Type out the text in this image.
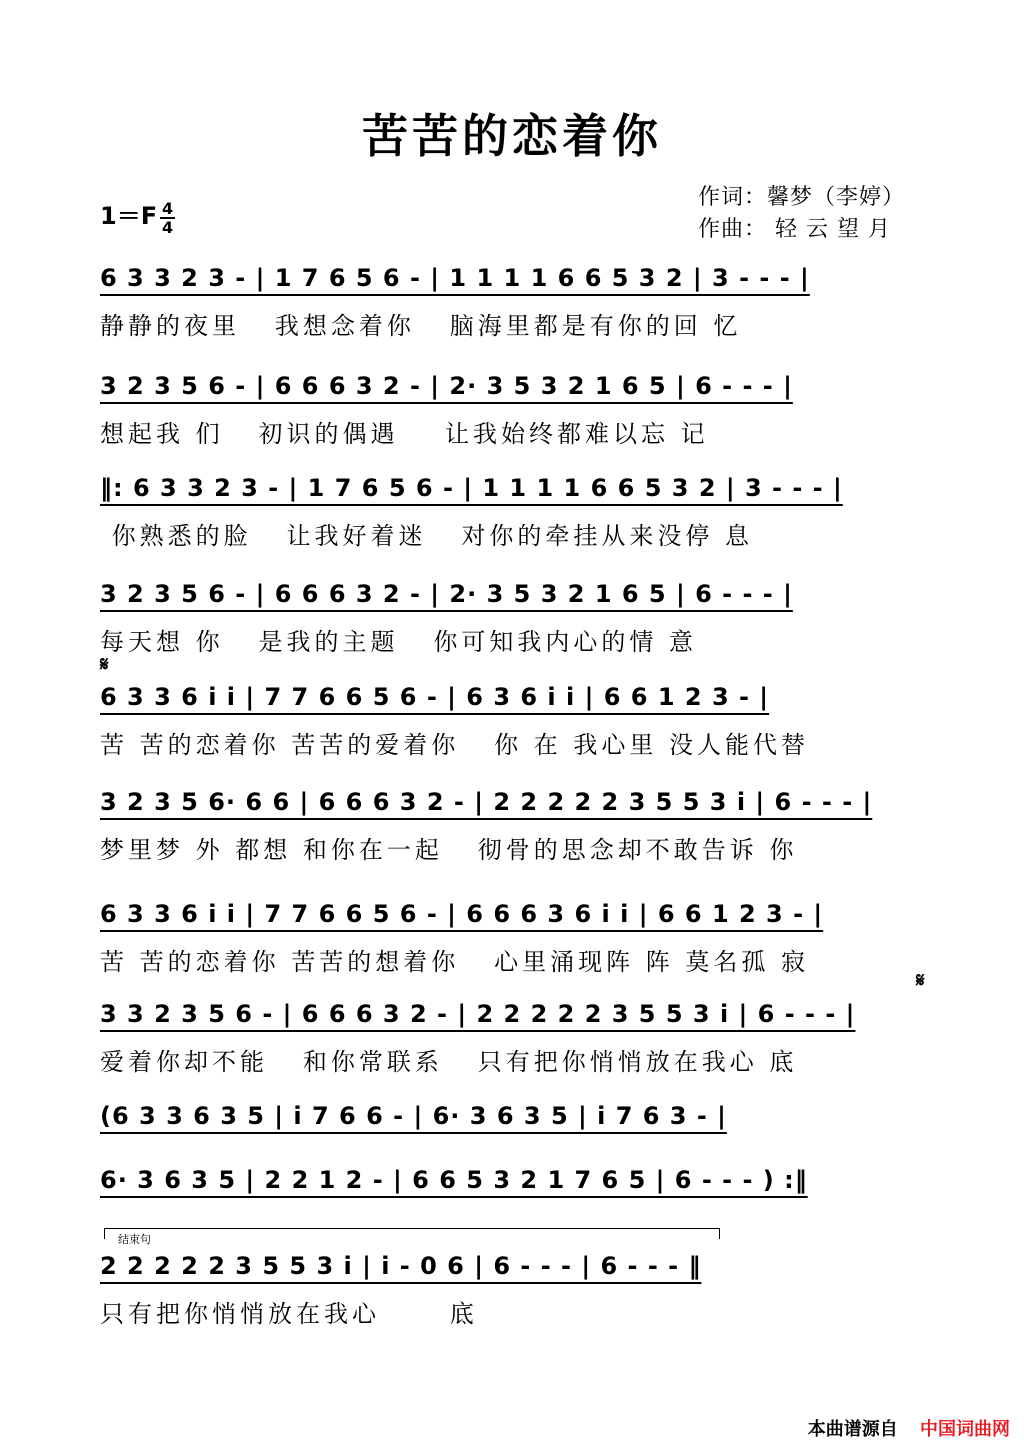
苦苦的恋着你
作词：馨梦（李婷）
作曲： 轻 云 望 月
1＝F 4
4
6 3 3 2 3 - | 1 7 6 5 6 - | 1 1 1 1 6 6 5 3 2 | 3 - - - |
静静的夜里   我想念着你   脑海里都是有你的回 忆
3 2 3 5 6 - | 6 6 6 3 2 - | 2· 3 5 3 2 1 6 5 | 6 - - - |
想起我 们   初识的偶遇    让我始终都难以忘 记
‖: 6 3 3 2 3 - | 1 7 6 5 6 - | 1 1 1 1 6 6 5 3 2 | 3 - - - |
你熟悉的脸   让我好着迷   对你的牵挂从来没停 息
3 2 3 5 6 - | 6 6 6 3 2 - | 2· 3 5 3 2 1 6 5 | 6 - - - |
每天想 你   是我的主题   你可知我内心的情 意
𝄋
6 3 3 6 i i | 7 7 6 6 5 6 - | 6 3 6 i i | 6 6 1 2 3 - |
苦 苦的恋着你 苦苦的爱着你   你 在 我心里 没人能代替
3 2 3 5 6· 6 6 | 6 6 6 3 2 - | 2 2 2 2 2 3 5 5 3 i | 6 - - - |
梦里梦 外 都想 和你在一起   彻骨的思念却不敢告诉 你
6 3 3 6 i i | 7 7 6 6 5 6 - | 6 6 6 3 6 i i | 6 6 1 2 3 - |
苦 苦的恋着你 苦苦的想着你   心里涌现阵 阵 莫名孤 寂
𝄋
3 3 2 3 5 6 - | 6 6 6 3 2 - | 2 2 2 2 2 3 5 5 3 i | 6 - - - |
爱着你却不能   和你常联系   只有把你悄悄放在我心 底
(6 3 3 6 3 5 | i 7 6 6 - | 6· 3 6 3 5 | i 7 6 3 - |
6· 3 6 3 5 | 2 2 1 2 - | 6 6 5 3 2 1 7 6 5 | 6 - - - ) :‖
结束句
2 2 2 2 2 3 5 5 3 i | i - 0 6 | 6 - - - | 6 - - - ‖
只有把你悄悄放在我心      底
本曲谱源自 中国词曲网
